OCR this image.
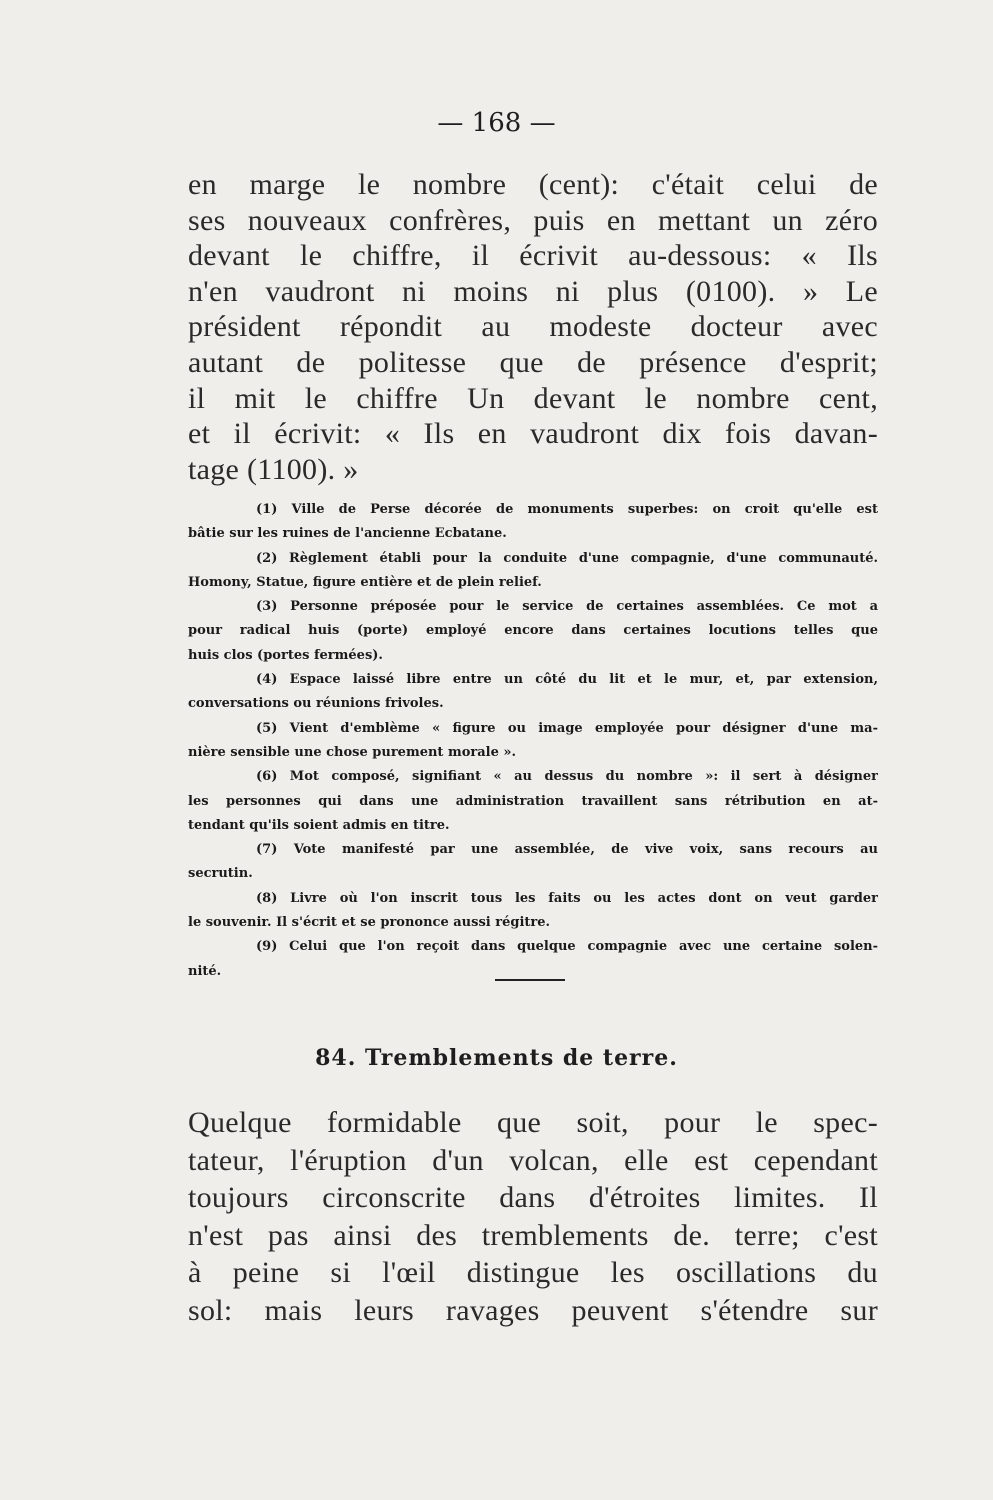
— 168 —
en marge le nombre (cent): c'était celui de
ses nouveaux confrères, puis en mettant un zéro
devant le chiffre, il écrivit au-dessous: « Ils
n'en vaudront ni moins ni plus (0100). » Le
président répondit au modeste docteur avec
autant de politesse que de présence d'esprit;
il mit le chiffre Un devant le nombre cent,
et il écrivit: « Ils en vaudront dix fois davan-
tage (1100). »
(1) Ville de Perse décorée de monuments superbes: on croit qu'elle est
bâtie sur les ruines de l'ancienne Ecbatane.
(2) Règlement établi pour la conduite d'une compagnie, d'une communauté.
Homony, Statue, figure entière et de plein relief.
(3) Personne préposée pour le service de certaines assemblées. Ce mot a
pour radical huis (porte) employé encore dans certaines locutions telles que
huis clos (portes fermées).
(4) Espace laissé libre entre un côté du lit et le mur, et, par extension,
conversations ou réunions frivoles.
(5) Vient d'emblème « figure ou image employée pour désigner d'une ma-
nière sensible une chose purement morale ».
(6) Mot composé, signifiant « au dessus du nombre »: il sert à désigner
les personnes qui dans une administration travaillent sans rétribution en at-
tendant qu'ils soient admis en titre.
(7) Vote manifesté par une assemblée, de vive voix, sans recours au
secrutin.
(8) Livre où l'on inscrit tous les faits ou les actes dont on veut garder
le souvenir. Il s'écrit et se prononce aussi régitre.
(9) Celui que l'on reçoit dans quelque compagnie avec une certaine solen-
nité.
84. Tremblements de terre.
Quelque formidable que soit, pour le spec-
tateur, l'éruption d'un volcan, elle est cependant
toujours circonscrite dans d'étroites limites. Il
n'est pas ainsi des tremblements de. terre; c'est
à peine si l'œil distingue les oscillations du
sol: mais leurs ravages peuvent s'étendre sur
